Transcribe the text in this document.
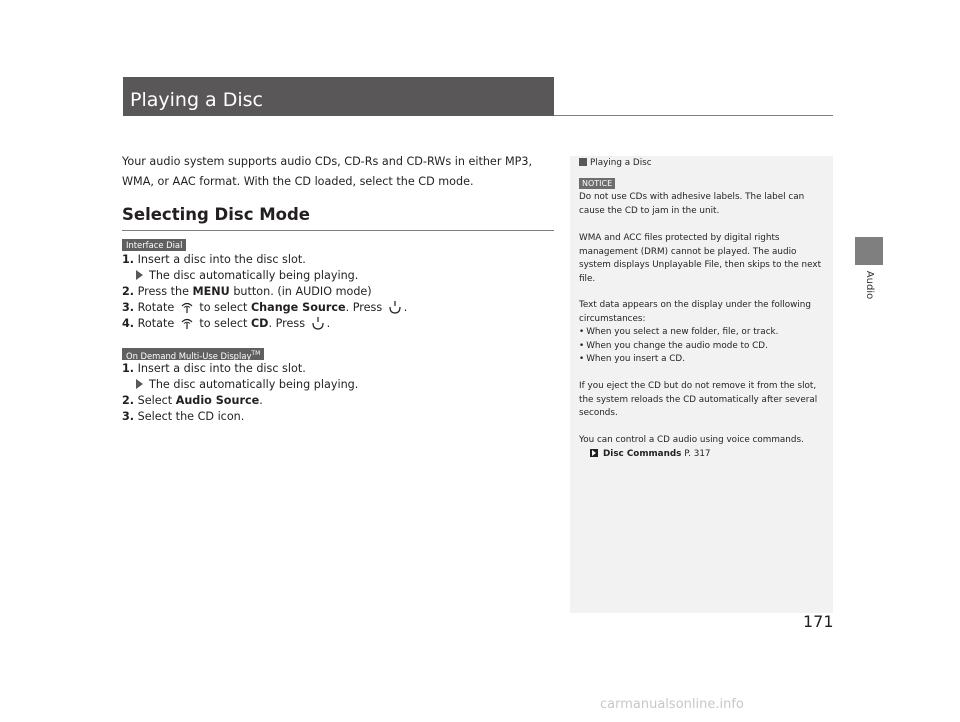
Playing a Disc
Audio
Your audio system supports audio CDs, CD-Rs and CD-RWs in either MP3, WMA, or AAC format. With the CD loaded, select the CD mode.
Selecting Disc Mode
Interface Dial
1. Insert a disc into the disc slot.
The disc automatically being playing.
2. Press the MENU button. (in AUDIO mode)
3. Rotate to select Change Source. Press .
4. Rotate to select CD. Press .
On Demand Multi-Use Display™
1. Insert a disc into the disc slot.
The disc automatically being playing.
2. Select Audio Source.
3. Select the CD icon.
Playing a Disc
NOTICE
Do not use CDs with adhesive labels. The label can
cause the CD to jam in the unit.
WMA and ACC files protected by digital rights
management (DRM) cannot be played. The audio
system displays Unplayable File, then skips to the next
file.
Text data appears on the display under the following
circumstances:
• When you select a new folder, file, or track.
• When you change the audio mode to CD.
• When you insert a CD.
If you eject the CD but do not remove it from the slot,
the system reloads the CD automatically after several
seconds.
You can control a CD audio using voice commands.
Disc Commands P. 317
171
carmanualsonline.info
